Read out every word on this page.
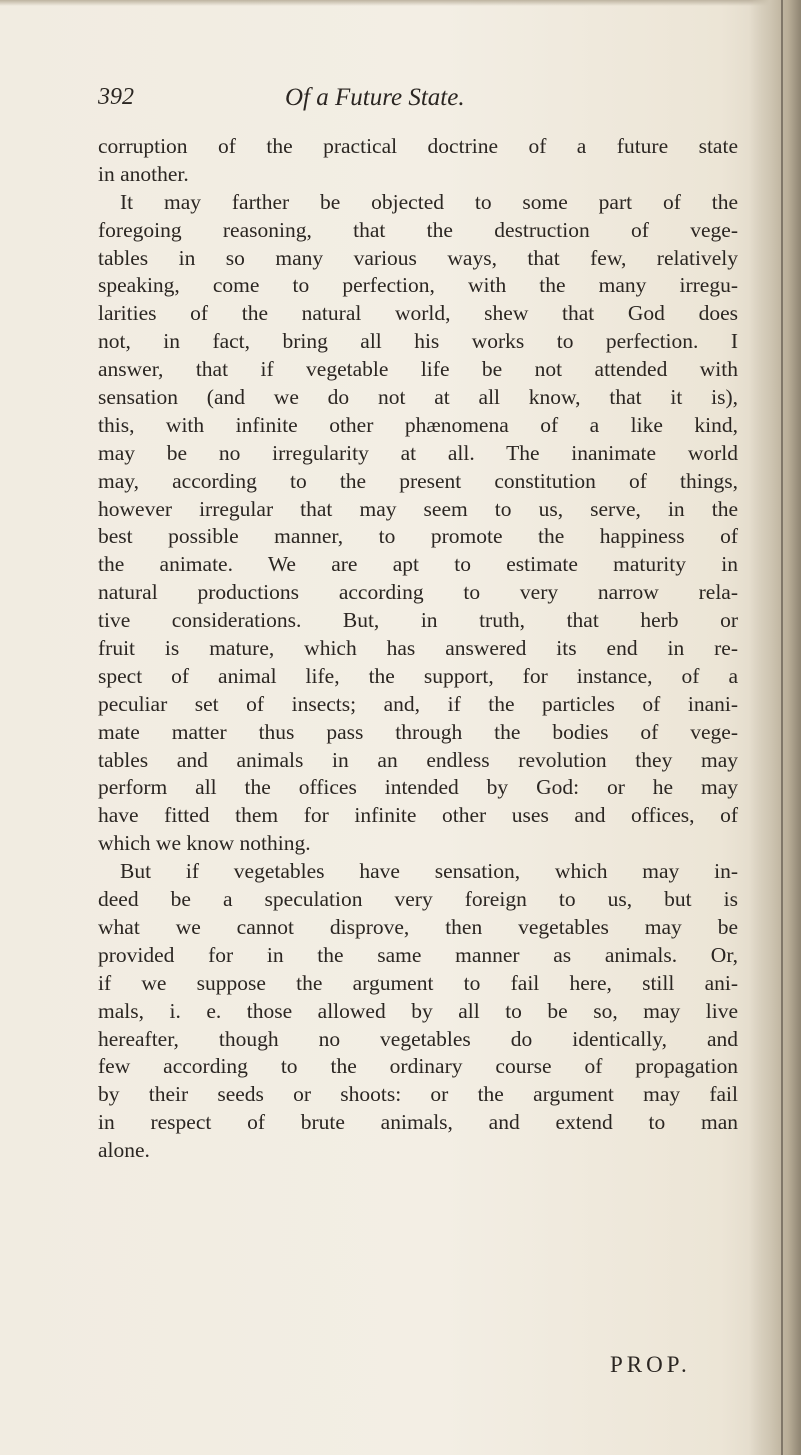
392	Of a Future State.
corruption of the practical doctrine of a future state
in another.
It may farther be objected to some part of the
foregoing reasoning, that the destruction of vege-
tables in so many various ways, that few, relatively
speaking, come to perfection, with the many irregu-
larities of the natural world, shew that God does
not, in fact, bring all his works to perfection. I
answer, that if vegetable life be not attended with
sensation (and we do not at all know, that it is),
this, with infinite other phænomena of a like kind,
may be no irregularity at all. The inanimate world
may, according to the present constitution of things,
however irregular that may seem to us, serve, in the
best possible manner, to promote the happiness of
the animate. We are apt to estimate maturity in
natural productions according to very narrow rela-
tive considerations. But, in truth, that herb or
fruit is mature, which has answered its end in re-
spect of animal life, the support, for instance, of a
peculiar set of insects; and, if the particles of inani-
mate matter thus pass through the bodies of vege-
tables and animals in an endless revolution they may
perform all the offices intended by God: or he may
have fitted them for infinite other uses and offices, of
which we know nothing.
But if vegetables have sensation, which may in-
deed be a speculation very foreign to us, but is
what we cannot disprove, then vegetables may be
provided for in the same manner as animals. Or,
if we suppose the argument to fail here, still ani-
mals, i. e. those allowed by all to be so, may live
hereafter, though no vegetables do identically, and
few according to the ordinary course of propagation
by their seeds or shoots: or the argument may fail
in respect of brute animals, and extend to man
alone.
PROP.
